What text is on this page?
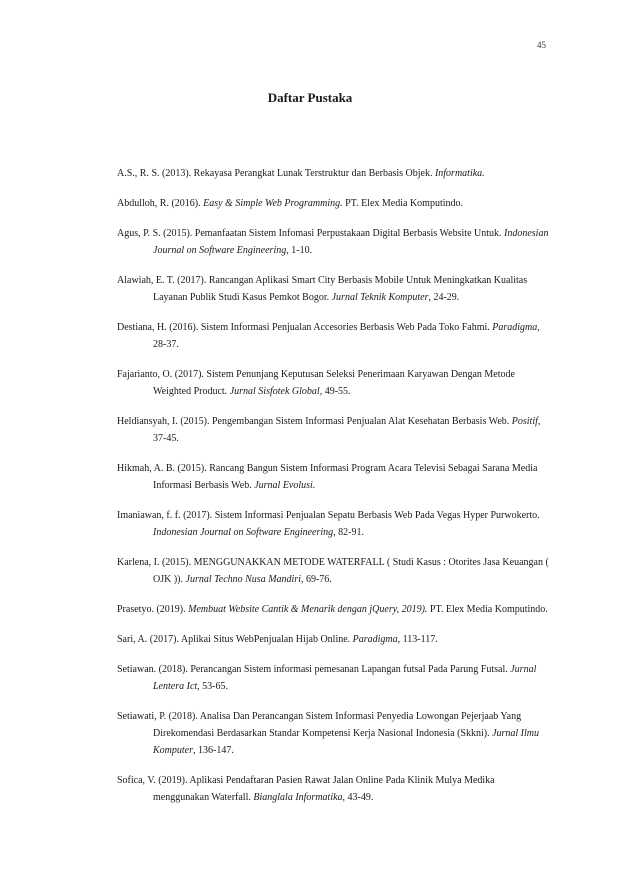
45
Daftar Pustaka
A.S., R. S. (2013). Rekayasa Perangkat Lunak Terstruktur dan Berbasis Objek. Informatika.
Abdulloh, R. (2016). Easy & Simple Web Programming. PT. Elex Media Komputindo.
Agus, P. S. (2015). Pemanfaatan Sistem Infomasi Perpustakaan Digital Berbasis Website Untuk. Indonesian Journal on Software Engineering, 1-10.
Alawiah, E. T. (2017). Rancangan Aplikasi Smart City Berbasis Mobile Untuk Meningkatkan Kualitas Layanan Publik Studi Kasus Pemkot Bogor. Jurnal Teknik Komputer, 24-29.
Destiana, H. (2016). Sistem Informasi Penjualan Accesories Berbasis Web Pada Toko Fahmi. Paradigma, 28-37.
Fajarianto, O. (2017). Sistem Penunjang Keputusan Seleksi Penerimaan Karyawan Dengan Metode Weighted Product. Jurnal Sisfotek Global, 49-55.
Heldiansyah, I. (2015). Pengembangan Sistem Informasi Penjualan Alat Kesehatan Berbasis Web. Positif, 37-45.
Hikmah, A. B. (2015). Rancang Bangun Sistem Informasi Program Acara Televisi Sebagai Sarana Media Informasi Berbasis Web. Jurnal Evolusi.
Imaniawan, f. f. (2017). Sistem Informasi Penjualan Sepatu Berbasis Web Pada Vegas Hyper Purwokerto. Indonesian Journal on Software Engineering, 82-91.
Karlena, I. (2015). MENGGUNAKKAN METODE WATERFALL ( Studi Kasus : Otorites Jasa Keuangan ( OJK )). Jurnal Techno Nusa Mandiri, 69-76.
Prasetyo. (2019). Membuat Website Cantik & Menarik dengan jQuery, 2019). PT. Elex Media Komputindo.
Sari, A. (2017). Aplikai Situs WebPenjualan Hijab Online. Paradigma, 113-117.
Setiawan. (2018). Perancangan Sistem informasi pemesanan Lapangan futsal Pada Parung Futsal. Jurnal Lentera Ict, 53-65.
Setiawati, P. (2018). Analisa Dan Perancangan Sistem Informasi Penyedia Lowongan Pejerjaab Yang Direkomendasi Berdasarkan Standar Kompetensi Kerja Nasional Indonesia (Skkni). Jurnal Ilmu Komputer, 136-147.
Sofica, V. (2019). Aplikasi Pendaftaran Pasien Rawat Jalan Online Pada Klinik Mulya Medika menggunakan Waterfall. Bianglala Informatika, 43-49.
